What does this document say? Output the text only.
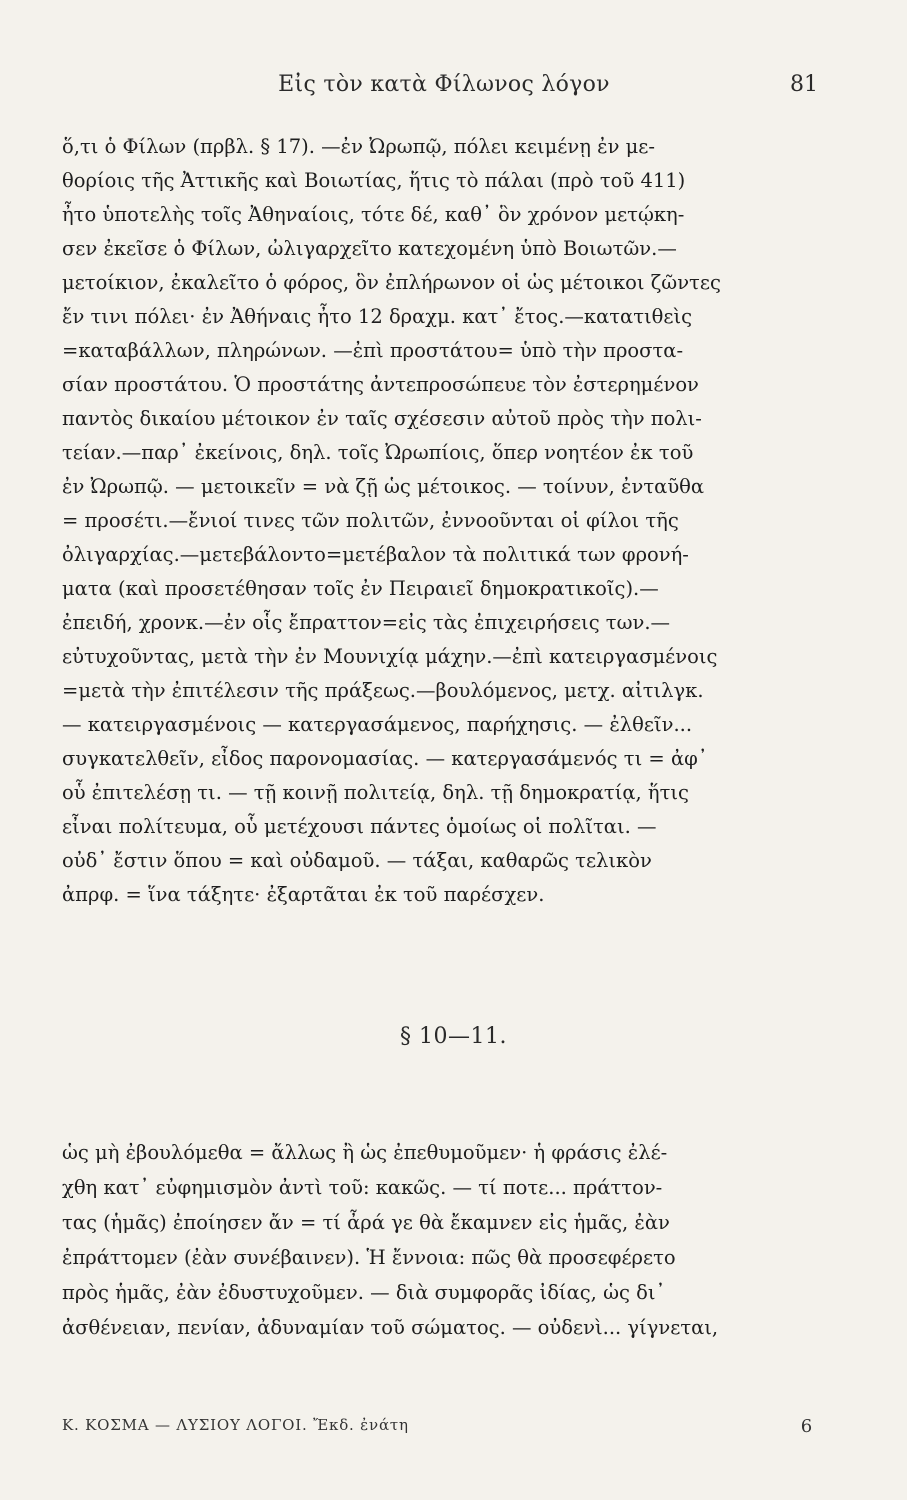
Εἰς τὸν κατὰ Φίλωνος λόγον	81
ὅ,τι ὁ Φίλων (πρβλ. § 17). —ἐν Ὠρωπῷ, πόλει κειμένῃ ἐν με-
θορίοις τῆς Ἀττικῆς καὶ Βοιωτίας, ἥτις τὸ πάλαι (πρὸ τοῦ 411)
ἦτο ὑποτελὴς τοῖς Ἀθηναίοις, τότε δέ, καθ᾽ ὃν χρόνον μετῴκη-
σεν ἐκεῖσε ὁ Φίλων, ὠλιγαρχεῖτο κατεχομένη ὑπὸ Βοιωτῶν.—
μετοίκιον, ἐκαλεῖτο ὁ φόρος, ὃν ἐπλήρωνον οἱ ὡς μέτοικοι ζῶντες
ἔν τινι πόλει· ἐν Ἀθήναις ἦτο 12 δραχμ. κατ᾽ ἔτος.—κατατιθεὶς
=καταβάλλων, πληρώνων. —ἐπὶ προστάτου= ὑπὸ τὴν προστα-
σίαν προστάτου. Ὁ προστάτης ἀντεπροσώπευε τὸν ἐστερημένον
παντὸς δικαίου μέτοικον ἐν ταῖς σχέσεσιν αὐτοῦ πρὸς τὴν πολι-
τείαν.—παρ᾽ ἐκείνοις, δηλ. τοῖς Ὠρωπίοις, ὅπερ νοητέον ἐκ τοῦ
ἐν Ὠρωπῷ. — μετοικεῖν = νὰ ζῇ ὡς μέτοικος. — τοίνυν, ἐνταῦθα
= προσέτι.—ἔνιοί τινες τῶν πολιτῶν, ἐννοοῦνται οἱ φίλοι τῆς
ὀλιγαρχίας.—μετεβάλοντο=μετέβαλον τὰ πολιτικά των φρονή-
ματα (καὶ προσετέθησαν τοῖς ἐν Πειραιεῖ δημοκρατικοῖς).—
ἐπειδή, χρονκ.—ἐν οἷς ἔπραττον=εἰς τὰς ἐπιχειρήσεις των.—
εὐτυχοῦντας, μετὰ τὴν ἐν Μουνιχίᾳ μάχην.—ἐπὶ κατειργασμένοις
=μετὰ τὴν ἐπιτέλεσιν τῆς πράξεως.—βουλόμενος, μετχ. αἰτιλγκ.
— κατειργασμένοις — κατεργασάμενος, παρήχησις. — ἐλθεῖν...
συγκατελθεῖν, εἶδος παρονομασίας. — κατεργασάμενός τι = ἀφ᾽
οὗ ἐπιτελέσῃ τι. — τῇ κοινῇ πολιτείᾳ, δηλ. τῇ δημοκρατίᾳ, ἥτις
εἶναι πολίτευμα, οὗ μετέχουσι πάντες ὁμοίως οἱ πολῖται. —
οὐδ᾽ ἔστιν ὅπου = καὶ οὐδαμοῦ. — τάξαι, καθαρῶς τελικὸν
ἀπρφ. = ἵνα τάξητε· ἐξαρτᾶται ἐκ τοῦ παρέσχεν.
§ 10—11.
ὡς μὴ ἐβουλόμεθα = ἄλλως ἢ ὡς ἐπεθυμοῦμεν· ἡ φράσις ἐλέ-
χθη κατ᾽ εὐφημισμὸν ἀντὶ τοῦ: κακῶς. — τί ποτε... πράττον-
τας (ἡμᾶς) ἐποίησεν ἄν = τί ἆρά γε θὰ ἔκαμνεν εἰς ἡμᾶς, ἐὰν
ἐπράττομεν (ἐὰν συνέβαινεν). Ἡ ἔννοια: πῶς θὰ προσεφέρετο
πρὸς ἡμᾶς, ἐὰν ἐδυστυχοῦμεν. — διὰ συμφορᾶς ἰδίας, ὡς δι᾽
ἀσθένειαν, πενίαν, ἀδυναμίαν τοῦ σώματος. — οὐδενὶ... γίγνεται,
Κ. ΚΟΣΜΑ — ΛΥΣΙΟΥ ΛΟΓΟΙ. Ἔκδ. ἐνάτη	6
